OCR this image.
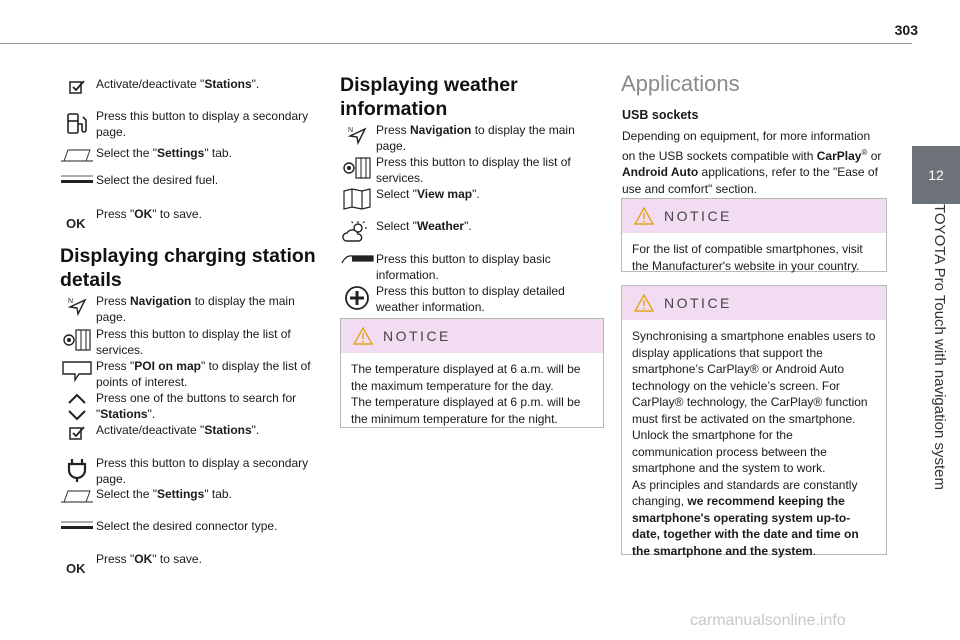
303
12
TOYOTA Pro Touch with navigation system
Activate/deactivate "Stations".
Press this button to display a secondary page.
Select the "Settings" tab.
Select the desired fuel.
OK
Press "OK" to save.
Displaying charging station details
N Press Navigation to display the main page.
Press this button to display the list of services.
Press "POI on map" to display the list of points of interest.
Press one of the buttons to search for "Stations".
Activate/deactivate "Stations".
Press this button to display a secondary page.
Select the "Settings" tab.
Select the desired connector type.
OK
Press "OK" to save.
Displaying weather information
N Press Navigation to display the main page.
Press this button to display the list of services.
Select "View map".
Select "Weather".
Press this button to display basic information.
Press this button to display detailed weather information.
NOTICE

The temperature displayed at 6 a.m. will be the maximum temperature for the day.

The temperature displayed at 6 p.m. will be the minimum temperature for the night.

Applications
USB sockets
Depending on equipment, for more information on the USB sockets compatible with CarPlay® or Android Auto applications, refer to the "Ease of use and comfort" section.
NOTICE

For the list of compatible smartphones, visit the Manufacturer's website in your country.

NOTICE

Synchronising a smartphone enables users to display applications that support the smartphone’s CarPlay® or Android Auto technology on the vehicle’s screen. For CarPlay® technology, the CarPlay® function must first be activated on the smartphone.

Unlock the smartphone for the communication process between the smartphone and the system to work.

As principles and standards are constantly changing, we recommend keeping the smartphone's operating system up-to-date, together with the date and time on the smartphone and the system.

carmanualsonline.info
